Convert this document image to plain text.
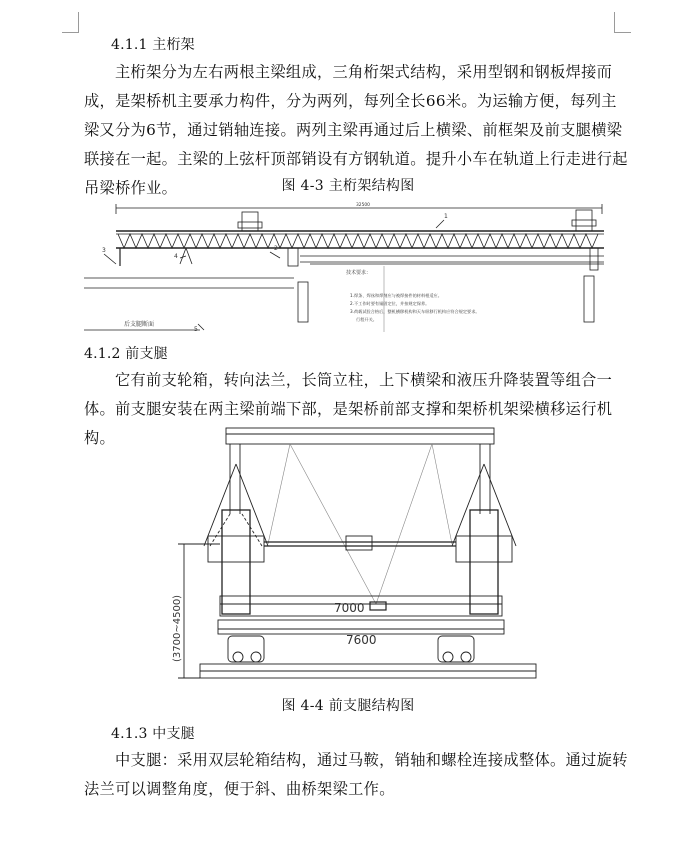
4.1.1 主桁架
主桁架分为左右两根主梁组成，三角桁架式结构，采用型钢和钢板焊接而成，是架桥机主要承力构件，分为两列，每列全长66米。为运输方便，每列主梁又分为6节，通过销轴连接。两列主梁再通过后上横梁、前框架及前支腿横梁联接在一起。主梁的上弦杆顶部销设有方钢轨道。提升小车在轨道上行走进行起吊梁桥作业。	图 4-3 主桁架结构图
32500
技术要求：
1.焊条、焊丝和焊剂应与被焊接件的材料相适应。
2.不工作时要有锚固定位，并按规定保养。
3.荷载试验合格后，整机横移机构和天车纵移行机构应符合规定要求。
行程开关。
后支腿断面
1
3
4
2
5
4.1.2 前支腿
它有前支轮箱，转向法兰，长筒立柱，上下横梁和液压升降装置等组合一体。前支腿安装在两主梁前端下部，是架桥前部支撑和架桥机架梁横移运行机构。
7000
7600
(3700~4500)
图 4-4 前支腿结构图
4.1.3 中支腿
中支腿：采用双层轮箱结构，通过马鞍，销轴和螺栓连接成整体。通过旋转法兰可以调整角度，便于斜、曲桥架梁工作。
